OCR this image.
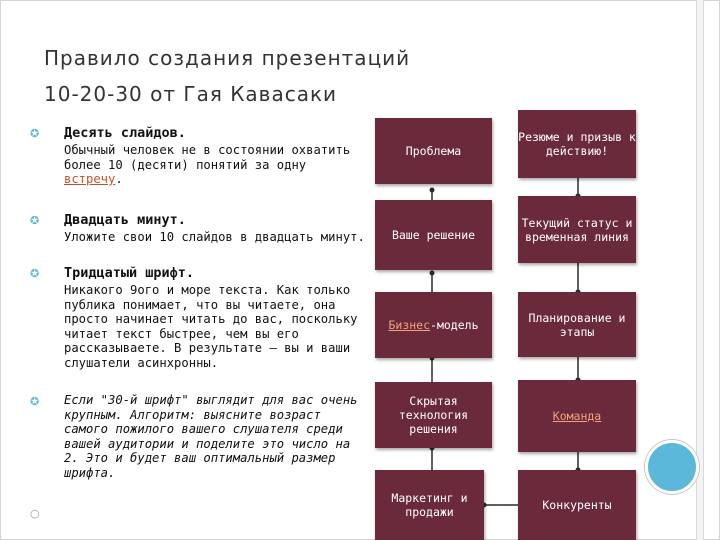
Правило создания презентаций
10-20-30 от Гая Кавасаки
✪ Десять слайдов.
Обычный человек не в состоянии охватить более 10 (десяти) понятий за одну встречу.
✪ Двадцать минут.
Уложите свои 10 слайдов в двадцать минут.
✪ Тридцатый шрифт.
Никакого 9ого и море текста. Как только публика понимает, что вы читаете, она просто начинает читать до вас, поскольку читает текст быстрее, чем вы его рассказываете. В результате — вы и ваши слушатели асинхронны.
✪ Если "30-й шрифт" выглядит для вас очень крупным. Алгоритм: выясните возраст самого пожилого вашего слушателя среди вашей аудитории и поделите это число на 2. Это и будет ваш оптимальный размер шрифта.
○
Проблема
Ваше решение
Бизнес-модель
Скрытая технология решения
Маркетинг и продажи
Резюме и призыв к действию!
Текущий статус и временная линия
Планирование и этапы
Команда
Конкуренты
